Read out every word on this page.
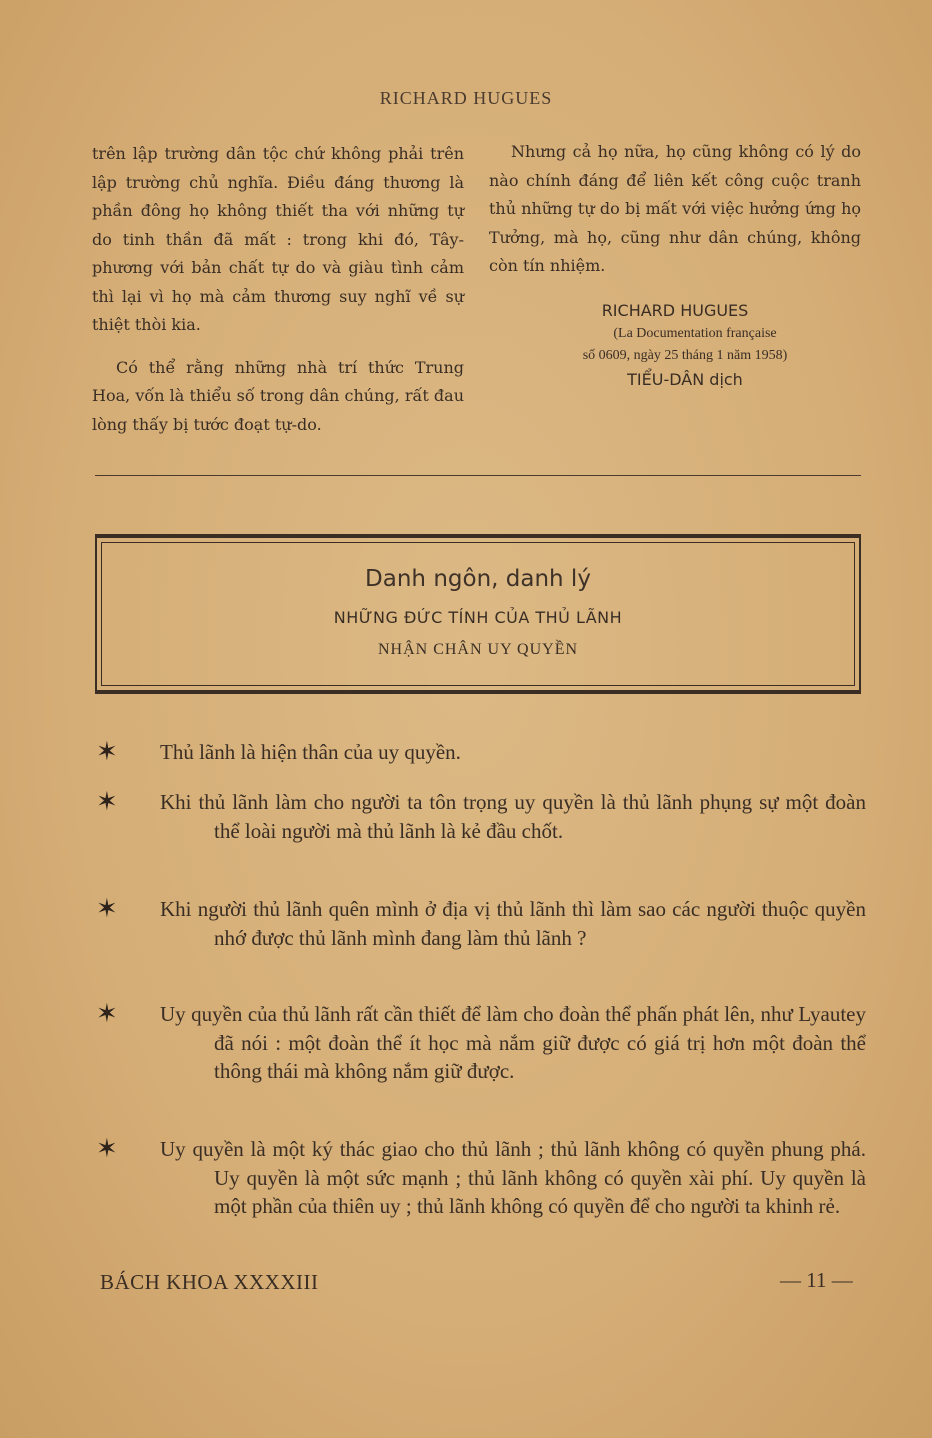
RICHARD HUGUES

trên lập trường dân tộc chứ không phải trên lập trường chủ nghĩa. Điều đáng thương là phần đông họ không thiết tha với những tự do tinh thần đã mất : trong khi đó, Tây-phương với bản chất tự do và giàu tình cảm thì lại vì họ mà cảm thương suy nghĩ về sự thiệt thòi kia.

Có thể rằng những nhà trí thức Trung Hoa, vốn là thiểu số trong dân chúng, rất đau lòng thấy bị tước đoạt tự-do.

Nhưng cả họ nữa, họ cũng không có lý do nào chính đáng để liên kết công cuộc tranh thủ những tự do bị mất với việc hưởng ứng họ Tưởng, mà họ, cũng như dân chúng, không còn tín nhiệm.

RICHARD HUGUES
(La Documentation française
số 0609, ngày 25 tháng 1 năm 1958)
TIỂU-DÂN dịch
Danh ngôn, danh lý
NHỮNG ĐỨC TÍNH CỦA THỦ LÃNH
NHẬN CHÂN UY QUYỀN
✶ Thủ lãnh là hiện thân của uy quyền.
✶ Khi thủ lãnh làm cho người ta tôn trọng uy quyền là thủ lãnh phụng sự một đoàn thể loài người mà thủ lãnh là kẻ đầu chốt.
✶ Khi người thủ lãnh quên mình ở địa vị thủ lãnh thì làm sao các người thuộc quyền nhớ được thủ lãnh mình đang làm thủ lãnh ?
✶ Uy quyền của thủ lãnh rất cần thiết để làm cho đoàn thể phấn phát lên, như Lyautey đã nói : một đoàn thể ít học mà nắm giữ được có giá trị hơn một đoàn thể thông thái mà không nắm giữ được.
✶ Uy quyền là một ký thác giao cho thủ lãnh ; thủ lãnh không có quyền phung phá. Uy quyền là một sức mạnh ; thủ lãnh không có quyền xài phí. Uy quyền là một phần của thiên uy ; thủ lãnh không có quyền để cho người ta khinh rẻ.
BÁCH KHOA XXXXIII	— 11 —
